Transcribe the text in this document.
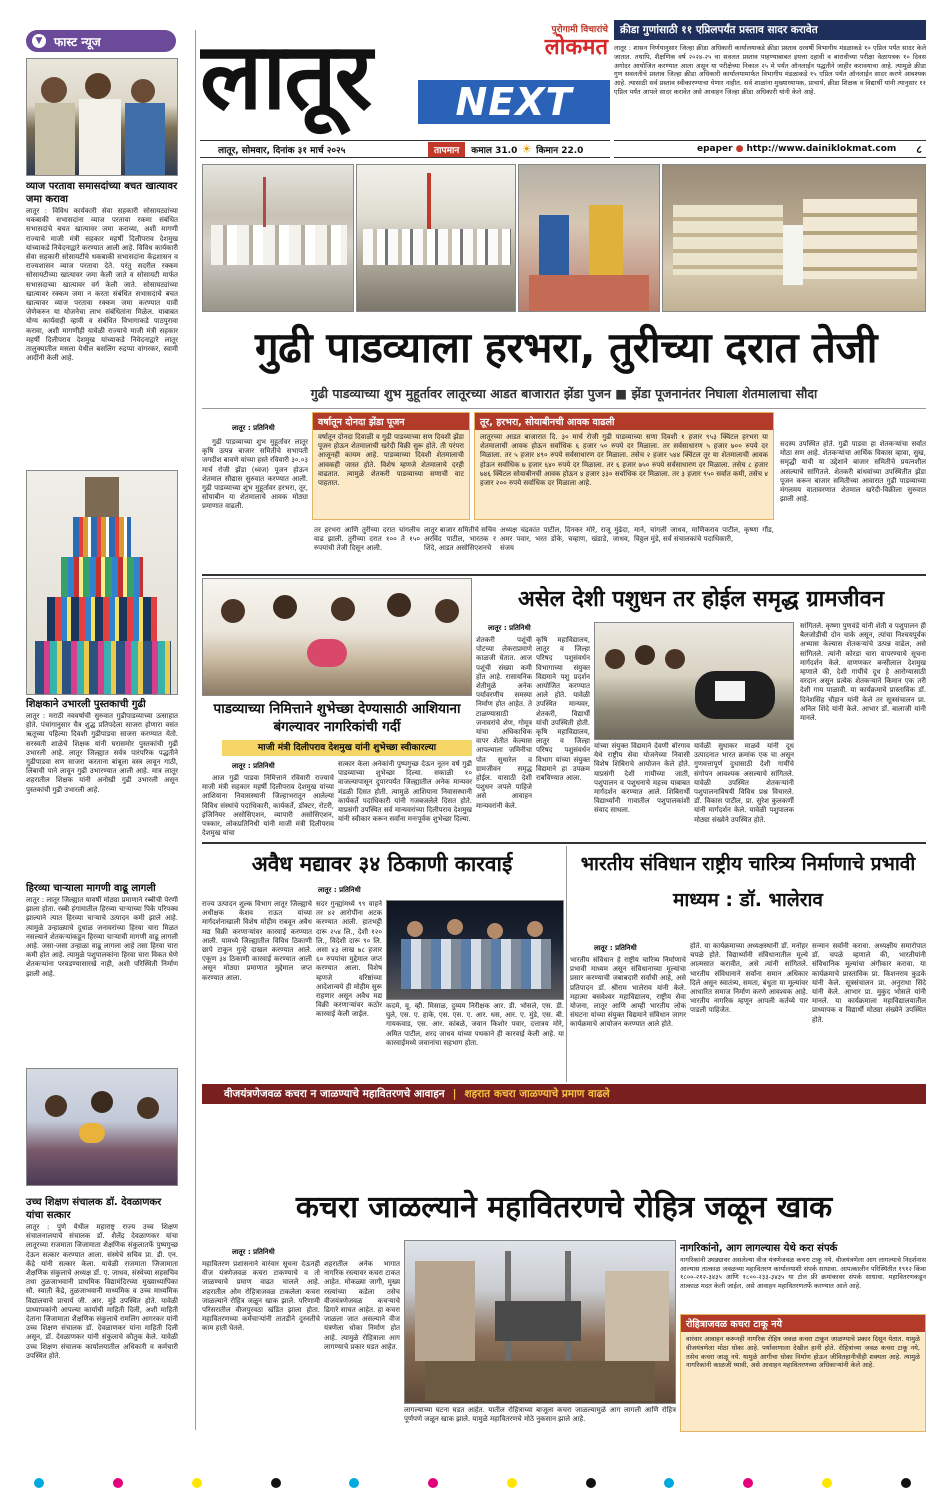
▼ फास्ट न्यूज
व्याज परतावा समासदांच्या बचत खात्यावर जमा करावा
लातूर : विविध कार्यकारी सेवा सहकारी सोसायट्यांच्या थकबाकी सभासदांना व्याज परतावा रकमा संबंधित सभासदांचे बचत खात्यावर जमा कराव्या, अशी मागणी राज्याचे माजी मंत्री सहकार महर्षी दिलीपराव देशमुख यांच्याकडे निवेदनाद्वारे करण्यात आली आहे. विविध कार्यकारी सेवा सहकारी सोसायटींचे थकबाकी सभासदांना केंद्रशासन व राज्यशासन व्याज परतावा देते. परंतु सदरील रक्कम सोसायटीच्या खात्यावर जमा केली जाते व सोसायटी मार्फत सभासदाच्या खात्यावर वर्ग केली जाते. सोसायट्यांच्या खात्यावर रक्कम जमा न करता संबंधित सभासदाचे बचत खात्यावर व्याज परतावा रक्कम जमा करण्यात यावी जेणेकरुन या योजनेचा लाभ संबंधितांना मिळेल. याबाबत योग्य कार्यवाही व्हावी व संबंधित विभागाकडे पाठपुरावा करावा, अशी मागणीही यावेळी राज्याचे माजी मंत्री सहकार महर्षी दिलीपराव देशमुख यांच्याकडे निवेदनाद्वारे लातूर तालुक्यातील मसला येथील बसलिंग रुद्रप्पा वांगरकर, स्वामी आदींनी केली आहे.
शिक्षकाने उभारली पुस्तकाची गुढी
लातूर : मराठी नववर्षाची सुरुवात गुढीपाडव्याच्या उत्साहात होते. पंचांगानुसार चैत्र शुद्ध प्रतिपदेला साजरा होणारा वसंत ऋतूच्या पहिल्या दिवशी गुढीपाडवा साजरा करण्यात येतो. सरस्वती शाळेचे शिक्षक यांनी घरासमोर पुस्तकांची गुढी उभारली आहे. लातूर जिल्ह्यात सर्वत्र पारंपरिक पद्धतीने गुढीपाडवा सण साजरा करताना बांबूला वस्त्र लावून गाठी, लिंबाची पाने लावून गुढी उभारण्यात आली आहे. मात्र लातूर शहरातील शिक्षक यांनी अनोखी गुढी उभारली असून पुस्तकांची गुढी उभारली आहे.
हिरव्या चाऱ्याला मागणी वाढू लागली
लातूर : लातूर जिल्ह्यात यावर्षी मोठ्या प्रमाणाने रब्बीची पेरणी झाला होता. रब्बी हंगामातील हिरव्या चाऱ्याच्या पिके परिपक्व झाल्याने त्यात हिरव्या चाऱ्याचे उत्पादन कमी झाले आहे. त्यामुळे उन्हाळ्याचे दुधाळ जनावरांच्या हिरवा चारा मिळत नसल्याने शेतकऱ्यांकडून हिरव्या चाऱ्याची मागणी वाढू लागली आहे. जसा-जसा उन्हाळा वाढू लागला आहे तसा हिरवा चारा कमी होत आहे. त्यामुळे पशुपालकांना हिरवा चारा विकत घेणे शेतकऱ्यांना परवडण्यासारखे नाही, अशी परिस्थिती निर्माण झाली आहे.
उच्च शिक्षण संचालक डॉ. देवळाणकर यांचा सत्कार
लातूर : पुणे येथील महाराष्ट्र राज्य उच्च शिक्षण संचालनालयाचे संचालक डॉ. शैलेंद्र देवळाणकर यांचा लातूरच्या राजमाता जिजामाता शैक्षणिक संकुलातर्फे पुष्पगुच्छ देऊन सत्कार करण्यात आला. संस्थेचे सचिव प्रा. डी. एन. केंद्रे यांनी सत्कार केला. यावेळी राजमाता जिजामाता शैक्षणिक संकुलाचे अध्यक्ष डॉ. ए. जाधव, संस्थेच्या सहसचिव तथा तुळजाभवानी प्राथमिक विद्यामंदिरच्या मुख्याध्यापिका सौ. स्वाती केंद्रे, तुळजाभवानी माध्यमिक व उच्च माध्यमिक विद्यालयाचे प्राचार्य जी. आर. मुंडे उपस्थित होते. यावेळी प्राध्यापकांनी आपल्या कार्याची माहिती दिली, अशी माहिती देताना जिजामाता शैक्षणिक संकुलाचे रामलिंग आगरकर यांनी उच्च शिक्षण संचालक डॉ. देवळाणकर यांना माहिती दिली असून, डॉ. देवळाणकर यांनी संकुलाचे कौतुक केले. यावेळी उच्च शिक्षण संचालक कार्यालयातील अधिकारी व कर्मचारी उपस्थित होते.
लातूर	पुरोगामी विचारांचे
लोकमत
NEXT
लातूर, सोमवार, दिनांक ३१ मार्च २०२५	तापमान	कमाल 31.0 ☀ किमान 22.0
क्रीडा गुणांसाठी ११ एप्रिलपर्यंत प्रस्ताव सादर करावेत
लातूर : शासन निर्णयानुसार जिल्हा क्रीडा अधिकारी कार्यालयाकडे क्रीडा प्रस्ताव दरवर्षी विभागीय मंडळाकडे १० एप्रिल पर्यंत सादर केले जातात. तथापि, शैक्षणिक वर्ष २०२४-२५ चा सवलत प्रस्ताव पाहण्याबाबत इयत्ता दहावी व बारावीच्या परीक्षा वेळापत्रक १० दिवस अगोदर आयोजित करण्यात आला असून या परीक्षेच्या निकाल २५ मे पर्यंत ऑनलाईन पद्धतीने जाहीर करावयाचा आहे. त्यामुळे क्रीडा गुण सवलतीचे प्रस्ताव जिल्हा क्रीडा अधिकारी कार्यालयामार्फत विभागीय मंडळाकडे १५ एप्रिल पर्यंत ऑनलाईन सादर करणे आवश्यक आहे. त्यासाठी सर्व प्रस्ताव स्वीकारण्याचा येणार नाहीत. सर्व शाळांना मुख्याध्यापक, प्राचार्य, क्रीडा शिक्षक व विद्यार्थी यांनी त्यानुसार ११ एप्रिल पर्यंत आपले सादर करावेत असे आवाहन जिल्हा क्रीडा अधिकारी यांनी केले आहे.
epaper ● http://www.dainiklokmat.com ८
गुढी पाडव्याला हरभरा, तुरीच्या दरात तेजी
गुढी पाडव्याच्या शुभ मुहूर्तावर लातूरच्या आडत बाजारात झेंडा पुजन ■ झेंडा पूजनानंतर निघाला शेतमालाचा सौदा
लातूर : प्रतिनिधी
गुढी पाडव्याच्या शुभ मुहूर्तावर लातूर कृषि उत्पन्न बाजार समितीचे सभापती जगदीश बावणे यांच्या हस्ते रविवारी ३०.०३ मार्च रोजी झेंडा (ध्वज) पूजन होऊन शेतमाल सौद्यास सुरुवात करण्यात आली. गुढी पाडव्याच्या शुभ मुहूर्तावर हरभरा, तूर, सोयाबीन या शेतमालाचे आवक मोठ्या प्रमाणात वाढली.
वर्षातून दोनदा झेंडा पूजन
वर्षातून दोनदा दिवाळी व गुढी पाडव्याच्या सण दिवशी झेंडा पूजन होऊन शेतमालाची खरेदी विक्री सुरू होते. ती परंपरा आजूनही कायम आहे. पाडव्याच्या दिवशी शेतमालाची आवकही जास्त होते. विशेष म्हणजे शेतमालाचे दरही वाढतात. त्यामुळे शेतकरी पाडव्याच्या सणाची वाट पाहतात.
तूर, हरभरा, सोयाबीनची आवक वाढली
लातूरच्या आडत बाजारात दि. ३० मार्च रोजी गुढी पाडव्याच्या सणा दिवशी १ हजार ९५३ क्विंटल हरभरा या शेतमालाची आवक होऊन सर्वाधिक ६ हजार ५० रुपये दर मिळाला. तर सर्वसाधारण ५ हजार ७०० रुपये दर मिळाला. तर ५ हजार ४९० रुपये सर्वसाधारण दर मिळाला. तसेच २ हजार ५४४ क्विंटल तूर या शेतमालाची आवक होऊन सर्वाधिक ७ हजार ६४० रुपये दर मिळाला. तर ६ हजार ७५० रुपये सर्वसाधारण दर मिळाला. तसेच ८ हजार ७४६ क्विंटल सोयाबीनची आवक होऊन ४ हजार ३३० सर्वाधिक दर मिळाला. तर ३ हजार ९५० सर्वात कमी, तसेच ४ हजार २०० रुपये सर्वाधिक दर मिळाला आहे.
तर हरभरा आणि तुरीच्या दरात चांगलीच वाढ झाली. तुरीच्या दरात १०० ते १५० रुपयांची तेजी दिसून आली.
लातूर बाजार समितीचे सचिव अरविंद पाटील, भारतक र शिंदे, आडत असोसिएशनचे
अध्यक्ष चंद्रकांत पाटील, दिनकर मोरे, राजू मुंढेदा, अमर पवार, भरत डोके, चव्हाण, खंडाडे, जाधव, संजय
माने, चांगली जाधव, माणिकराव पाटील, कृष्णा गौंड, विठ्ठल मुंडे, सर्व संचालकांचे पदाधिकारी,
सदस्य उपस्थित होते. गुढी पाडवा हा शेतकऱ्यांचा सर्वात मोठा सण आहे. शेतकऱ्यांचा आर्थिक विकास व्हावा, सुख, समृद्धी यावी या उद्देशाने बाजार समितीचे प्रयत्नशील असल्याचे सांगितले. शेतकरी बांधवांच्या उपस्थितीत झेंडा पूजन करून बाजार समितीच्या आवारात गुढी पाडव्याच्या मंगलमय वातावरणात शेतमाल खरेदी-विक्रीला सुरुवात झाली आहे.
पाडव्याच्या निमित्ताने शुभेच्छा देण्यासाठी आशियाना बंगल्यावर नागरिकांची गर्दी
माजी मंत्री दिलीपराव देशमुख यांनी शुभेच्छा स्वीकारल्या
लातूर : प्रतिनिधी
आज गुढी पाडवा निमित्ताने रविवारी राज्याचे माजी मंत्री सहकार महर्षी दिलीपराव देशमुख यांच्या आशियाना निवासस्थानी जिल्हाभरातून आलेल्या विविध संस्थांचे पदाधिकारी, कार्यकर्ते, डॉक्टर, रोटरी, इंजिनियर असोसिएशन, व्यापारी असोसिएशन, पत्रकार, लोकप्रतिनिधी यांनी माजी मंत्री दिलीपराव देशमुख यांचा
सत्कार केला अनेकांनी पुष्पगुच्छ देऊन नूतन वर्ष गुढी पाडव्याच्या शुभेच्छा दिल्या. सकाळी १० वाजल्यापासून दुपारपर्यंत जिल्ह्यातील अनेक मान्यवर मंडळी दिसत होती. त्यामुळे आशियाना निवासस्थानी कार्यकर्ते पदाधिकारी यांनी गजबजलेले दिसत होते. याप्रसंगी उपस्थित सर्व मान्यवरांच्या दिलीपराव देशमुख यांनी स्वीकार करून सर्वांना मनःपूर्वक शुभेच्छा दिल्या.
असेल देशी पशुधन तर होईल समृद्ध ग्रामजीवन
लातूर : प्रतिनिधी
शेतकरी पशूंची पोटच्या लेकराप्रमाणे काळजी घेतात. आज पशूंची संख्या कमी होत आहे. रासायनिक शेतीमुळे अनेक पर्यावरणीय समस्या निर्माण होत आहेत. ते टाळण्यासाठी जनावरांचे शेण, गोमूत्र यांचा अधिकाधिक वापर शेतीत केल्यास आपल्याला जमिनीचा पोत सुधारेल व ग्रामजीवन समृद्ध होईल. यासाठी देशी पशुधन जपले पाहिजे असे आवाहन मान्यवरांनी केले.
कृषि महाविद्यालय, लातूर व जिल्हा परिषद पशुसंवर्धन विभागाच्या संयुक्त विद्यमाने पशु प्रदर्शन आयोजित करण्यात आले होते. यावेळी उपस्थित मान्यवर, शेतकरी, विद्यार्थी यांची उपस्थिती होती. कृषि महाविद्यालय, लातूर व जिल्हा परिषद पशुसंवर्धन विभाग यांच्या संयुक्त विद्यमाने हा उपक्रम राबविण्यात आला.
यांच्या संयुक्त विद्यमाने देवणी बोरगाव येथे राष्ट्रीय सेवा योजनेच्या निवासी विशेष शिबिराचे आयोजन केले होते. याप्रसंगी देशी गायीच्या जाती, पशुपालन व पशुधनाचे महत्त्व याबाबत मार्गदर्शन करण्यात आले. शिबिरार्थी विद्यार्थ्यांनी गावातील पशुपालकांशी संवाद साधला.
यावेळी सुधाकर माळवे यांनी दूध उत्पादनात भारत क्रमांक एक चा असून गुणवत्तापूर्ण दुधासाठी देशी गायींचे संगोपन आवश्यक असल्याचे सांगितले. यावेळी उपस्थित शेतकऱ्यांनी पशुपालनाविषयी विविध प्रश्न विचारले. डॉ. विकास पाटील, प्रा. सुरेश कुलकर्णी यांनी मार्गदर्शन केले. यावेळी पशुपालक मोठ्या संख्येने उपस्थित होते.
सांगितले. कृष्णा पुणवंडे यांनी शेती व पशुपालन ही बैलजोडीची दोन चाके असून, त्यांचा निश्चयपूर्वक अभ्यास केल्यास शेतकऱ्यांचे उत्पन्न वाढेल, असे सांगितले. त्यांनी कोरडा चारा वापरण्याचे सूचना मार्गदर्शन केले. वाणणकर बन्सीलाल देशमुख म्हणाले की, देशी गायींचे दूध हे आरोग्यासाठी वरदान असून प्रत्येक शेतकऱ्याने किमान एक तरी देशी गाय पाळावी. या कार्यक्रमाचे प्रास्ताविक डॉ. दिनेशसिंह चौहान यांनी केले तर सूत्रसंचालन प्रा. अनिल शिंदे यांनी केले. आभार डॉ. बालाजी यांनी मानले.
अवैध मद्यावर ३४ ठिकाणी कारवाई
लातूर : प्रतिनिधी
राज्य उत्पादन शुल्क विभाग लातूर जिल्ह्याचे अधीक्षक केशव राऊत यांच्या मार्गदर्शनाखाली विशेष मोहीम राबवून अवैध मद्य विक्री करणाऱ्यांवर कारवाई करण्यात आली. यामध्ये जिल्ह्यातील विविध ठिकाणी छापे टाकून गुन्हे दाखल करण्यात आले. एकूण ३४ ठिकाणी कारवाई करण्यात आली असून मोठ्या प्रमाणात मुद्देमाल जप्त करण्यात आला.
सदर गुन्ह्यांमध्ये ९९ वाहने तर ४२ आरोपींना अटक करण्यात आली. हातभट्टी दारू २५४ लि., देशी १२० लि., विदेशी दारू ९० लि. असा ४३ लाख ७८ हजार ६० रुपयांचा मुद्देमाल जप्त करण्यात आला. विशेष म्हणजे वरिष्ठांच्या आदेशान्वये ही मोहीम सुरू राहणार असून अवैध मद्य विक्री करणाऱ्यांवर कठोर कारवाई केली जाईल.
कदमे, यू. व्ही. मिसाळ, दुय्यम निरीक्षक आर. डी. भोसले, एस. डी. घुले, एस. ए. हाके, एस. एस. ए. आर. धस, आर. ए. मुंडे, एस. बी. गायकवाड, एस. आर. कांबळे, जवान किशोर पवार, दत्तात्रय मोरे, अमित पाटील, शरद जाधव यांच्या पथकाने ही कारवाई केली आहे. या कारवाईमध्ये जवानांचा सहभाग होता.
भारतीय संविधान राष्ट्रीय चारित्र्य निर्माणाचे प्रभावी माध्यम : डॉ. भालेराव
लातूर : प्रतिनिधी
भारतीय संविधान हे राष्ट्रीय चारित्र्य निर्माणाचे प्रभावी माध्यम असून संविधानाच्या मूल्यांचा प्रसार करण्याची जबाबदारी सर्वांची आहे, असे प्रतिपादन डॉ. श्रीराम भालेराव यांनी केले. महात्मा बसवेश्वर महाविद्यालय, राष्ट्रीय सेवा योजना, लातूर आणि आम्ही भारतीय लोक संघटना यांच्या संयुक्त विद्यमाने संविधान जागर कार्यक्रमाचे आयोजन करण्यात आले होते.
होते. या कार्यक्रमाच्या अध्यक्षस्थानी डॉ. मनोहर चपळे होते. विद्यार्थ्यांनी संविधानातील मूल्ये आत्मसात करावीत, असे त्यांनी सांगितले. भारतीय संविधानाने सर्वांना समान अधिकार दिले असून स्वातंत्र्य, समता, बंधुता या मूल्यांवर आधारित समाज निर्माण करणे आवश्यक आहे. भारतीय नागरिक म्हणून आपली कर्तव्ये पार पाडली पाहिजेत.
सन्मान सर्वांनी करावा. अध्यक्षीय समारोपात डॉ. चपळे म्हणाले की, भारतीयांनी संविधानिक मूल्यांचा अंगीकार करावा. या कार्यक्रमाचे प्रास्ताविक प्रा. किशनराव कुडके यांनी केले. सूत्रसंचालन प्रा. अनुराधा सिंदे यांनी केले. आभार प्रा. मुकुंद भोसले यांनी मानले. या कार्यक्रमाला महाविद्यालयातील प्राध्यापक व विद्यार्थी मोठ्या संख्येने उपस्थित होते.
वीजयंत्रणेजवळ कचरा न जाळण्याचे महावितरणचे आवाहन | शहरात कचरा जाळण्याचे प्रमाण वाढले
कचरा जाळल्याने महावितरणचे रोहित्र जळून खाक
लातूर : प्रतिनिधी
महावितरण प्रशासनाने वारंवार सूचना देऊनही वीज यंत्रणेजवळ कचरा टाकण्याचे व तो जाळण्याचे प्रमाण वाढत चालले आहे. शहरातील ओम रोहित्राजवळ टाकलेला कचरा जाळल्याने रोहित्र जळून खाक झाले. परिणामी परिसरातील वीजपुरवठा खंडित झाला होता. महावितरणच्या कर्मचाऱ्यांनी तातडीने दुरुस्तीचे काम हाती घेतले.
शहरातील अनेक भागात नागरिक रस्त्यावर कचरा टाकत आहेत. मोकळ्या जागी, मुख्य रस्त्यांच्या कडेला तसेच वीजयंत्रणेजवळ कचऱ्याचे ढिगारे साचत आहेत. हा कचरा जाळला जात असल्याने वीज यंत्रणेला धोका निर्माण होत आहे. त्यामुळे रोहित्राला आग लागण्याचे प्रकार घडत आहेत.
लागल्याच्या घटना घडत आहेत. यातील रोहित्राच्या बाजूला कचरा जाळल्यामुळे आग लागली आणि रोहित्र पूर्णपणे जळून खाक झाले. यामुळे महावितरणचे मोठे नुकसान झाले आहे.
नागरिकांनो, आग लागल्यास येथे करा संपर्क
नागरिकांनी उघड्यावर असलेल्या वीज यंत्रणेजवळ कचरा टाकू नये. वीजयंत्रणेला आग लागल्याचे निदर्शनास आल्यास तात्काळ जवळच्या महावितरण कार्यालयाशी संपर्क साधावा. आपत्कालीन परिस्थितीत १९१२ किंवा १८००-२१२-३४३५ आणि १८००-२३३-३४३५ या टोल फ्री क्रमांकावर संपर्क साधावा. महावितरणकडून तात्काळ मदत केली जाईल, असे आवाहन महावितरणतर्फे करण्यात आले आहे.
रोहित्राजवळ कचरा टाकू नये
वारंवार आवाहन करूनही नागरिक रोहित्र जवळ कचरा टाकून जाळण्याचे प्रकार दिसून येतात. यामुळे वीजयंत्रणेला मोठा धोका आहे. पर्यावरणाला देखील हानी होते. रोहित्रांच्या जवळ कचरा टाकू नये, तसेच कचरा जाळू नये. यामुळे आगीचा धोका निर्माण होऊन जीवितहानीचीही शक्यता आहे. त्यामुळे नागरिकांनी काळजी घ्यावी, असे आवाहन महावितरणच्या अधिकाऱ्यांनी केले आहे.
